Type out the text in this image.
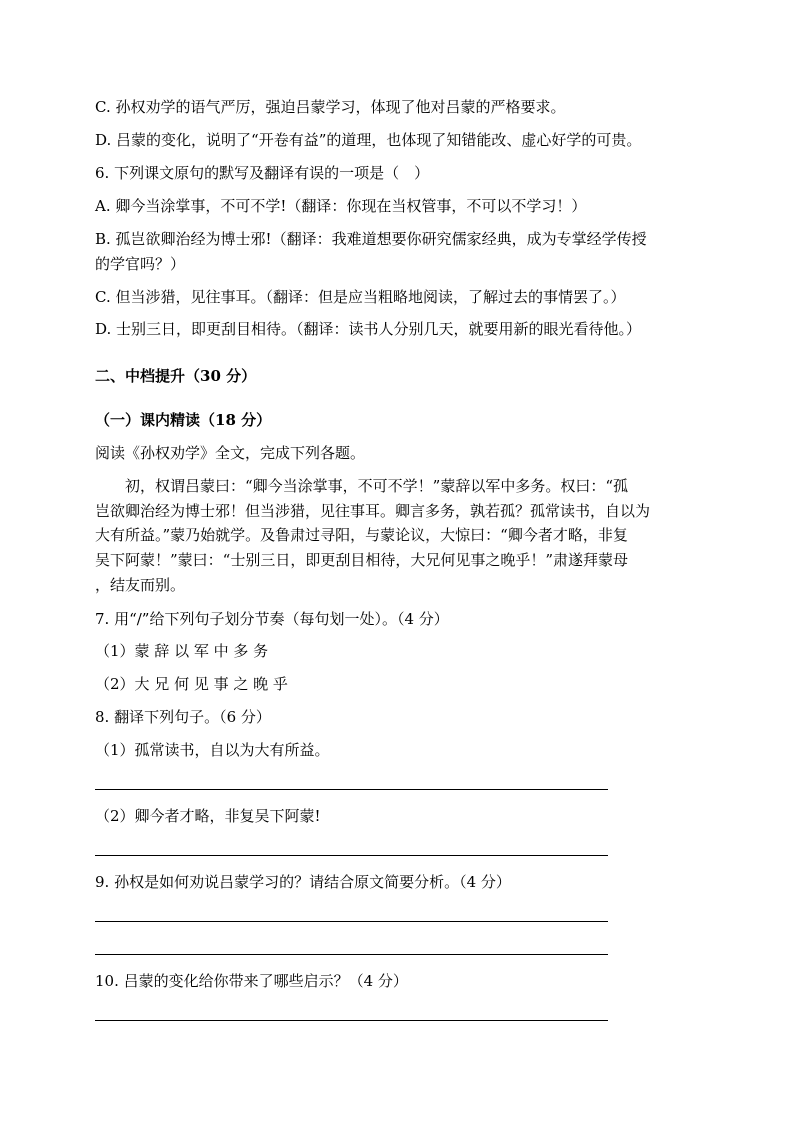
C. 孙权劝学的语气严厉，强迫吕蒙学习，体现了他对吕蒙的严格要求。
D. 吕蒙的变化，说明了“开卷有益”的道理，也体现了知错能改、虚心好学的可贵。
6. 下列课文原句的默写及翻译有误的一项是（　）
A. 卿今当涂掌事，不可不学!（翻译：你现在当权管事，不可以不学习！）
B. 孤岂欲卿治经为博士邪!（翻译：我难道想要你研究儒家经典，成为专掌经学传授
的学官吗？）
C. 但当涉猎，见往事耳。（翻译：但是应当粗略地阅读，了解过去的事情罢了。）
D. 士别三日，即更刮目相待。（翻译：读书人分别几天，就要用新的眼光看待他。）
二、中档提升（30 分）
（一）课内精读（18 分）
阅读《孙权劝学》全文，完成下列各题。
初，权谓吕蒙曰：“卿今当涂掌事，不可不学！”蒙辞以军中多务。权曰：“孤
岂欲卿治经为博士邪！但当涉猎，见往事耳。卿言多务，孰若孤？孤常读书，自以为
大有所益。”蒙乃始就学。及鲁肃过寻阳，与蒙论议，大惊曰：“卿今者才略，非复
吴下阿蒙！”蒙曰：“士别三日，即更刮目相待，大兄何见事之晚乎！”肃遂拜蒙母
，结友而别。
7. 用“/”给下列句子划分节奏（每句划一处）。（4 分）
（1）蒙 辞 以 军 中 多 务
（2）大 兄 何 见 事 之 晚 乎
8. 翻译下列句子。（6 分）
（1）孤常读书，自以为大有所益。
（2）卿今者才略，非复吴下阿蒙!
9. 孙权是如何劝说吕蒙学习的？请结合原文简要分析。（4 分）
10. 吕蒙的变化给你带来了哪些启示？（4 分）
